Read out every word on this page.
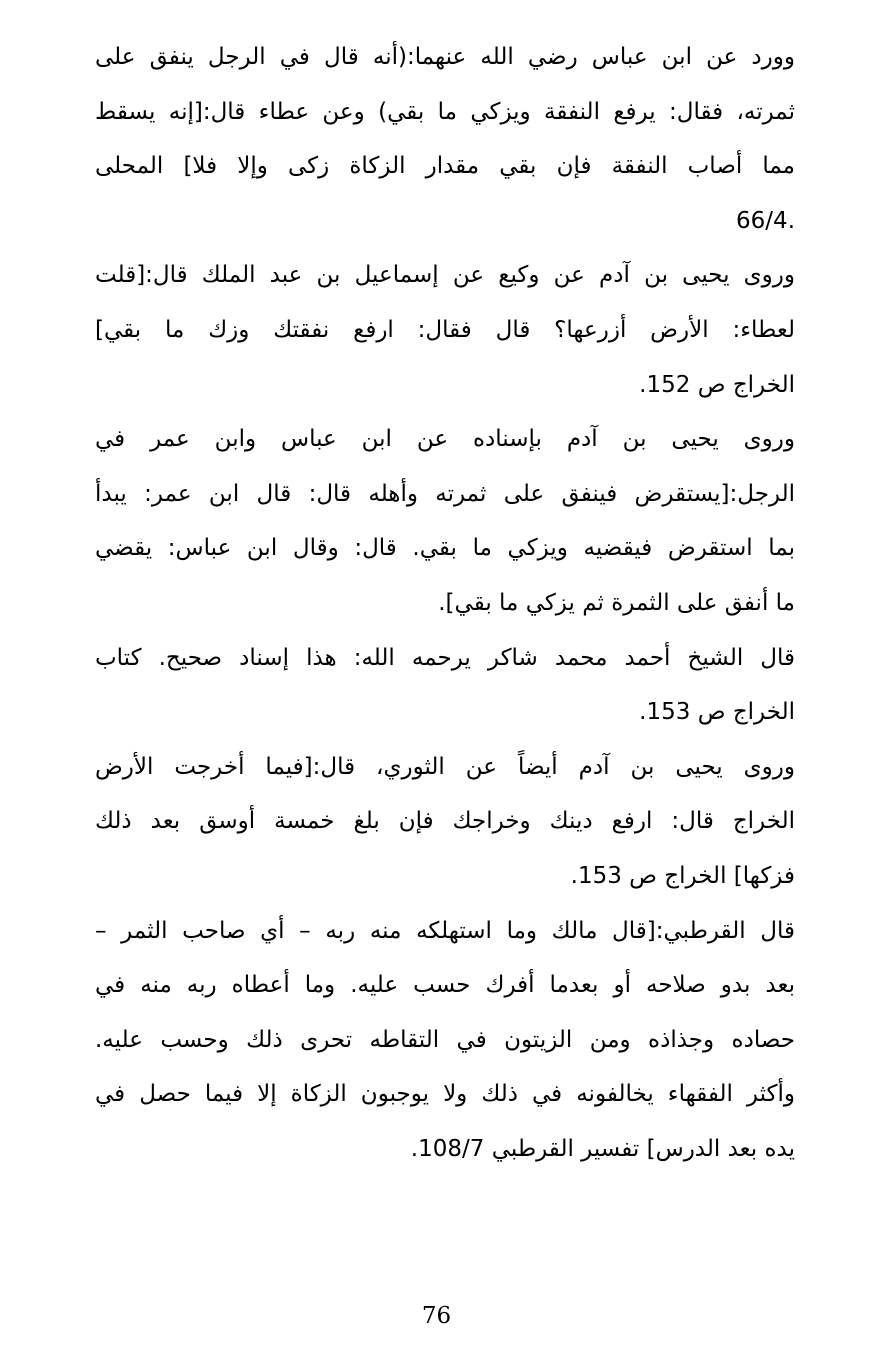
وورد عن ابن عباس رضي الله عنهما:(أنه قال في الرجل ينفق على
ثمرته، فقال: يرفع النفقة ويزكي ما بقي) وعن عطاء قال:[إنه يسقط
مما أصاب النفقة فإن بقي مقدار الزكاة زكى وإلا فلا] المحلى
.66/4
وروى يحيى بن آدم عن وكيع عن إسماعيل بن عبد الملك قال:[قلت
لعطاء: الأرض أزرعها؟ قال فقال: ارفع نفقتك وزك ما بقي]
الخراج ص 152.
وروى يحيى بن آدم بإسناده عن ابن عباس وابن عمر في
الرجل:[يستقرض فينفق على ثمرته وأهله قال: قال ابن عمر: يبدأ
بما استقرض فيقضيه ويزكي ما بقي. قال: وقال ابن عباس: يقضي
ما أنفق على الثمرة ثم يزكي ما بقي].
قال الشيخ أحمد محمد شاكر يرحمه الله: هذا إسناد صحيح. كتاب
الخراج ص 153.
وروى يحيى بن آدم أيضاً عن الثوري، قال:[فيما أخرجت الأرض
الخراج قال: ارفع دينك وخراجك فإن بلغ خمسة أوسق بعد ذلك
فزكها] الخراج ص 153.
قال القرطبي:[قال مالك وما استهلكه منه ربه – أي صاحب الثمر –
بعد بدو صلاحه أو بعدما أفرك حسب عليه. وما أعطاه ربه منه في
حصاده وجذاذه ومن الزيتون في التقاطه تحرى ذلك وحسب عليه.
وأكثر الفقهاء يخالفونه في ذلك ولا يوجبون الزكاة إلا فيما حصل في
يده بعد الدرس] تفسير القرطبي 108/7.
76
